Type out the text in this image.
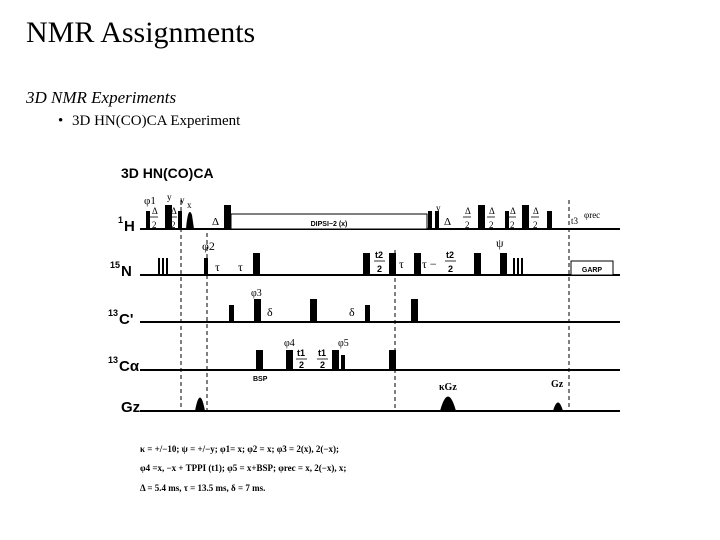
NMR Assignments
3D NMR Experiments
• 3D HN(CO)CA Experiment
3D HN(CO)CA
1 H
15 N
13 C'
13 Cα
Gz
DIPSI−2 (x)
φ1 y y x
Δ
2
Δ
2	Δ
y	y
Δ
Δ
2
Δ
2
Δ
2
Δ
2	t3
φrec
GARP
φ2
τ τ
t2
2 τ τ −
t2
2
ψ
φ3
δ	δ
φ4
t1
2
t1
2
φ5
BSP
κGz	Gz
κ = +/−10; ψ = +/−y; φ1= x; φ2 = x; φ3 = 2(x), 2(−x);
φ4 =x, −x + TPPI (t1); φ5 = x+BSP; φrec = x, 2(−x), x;
Δ = 5.4 ms, τ = 13.5 ms, δ = 7 ms.
